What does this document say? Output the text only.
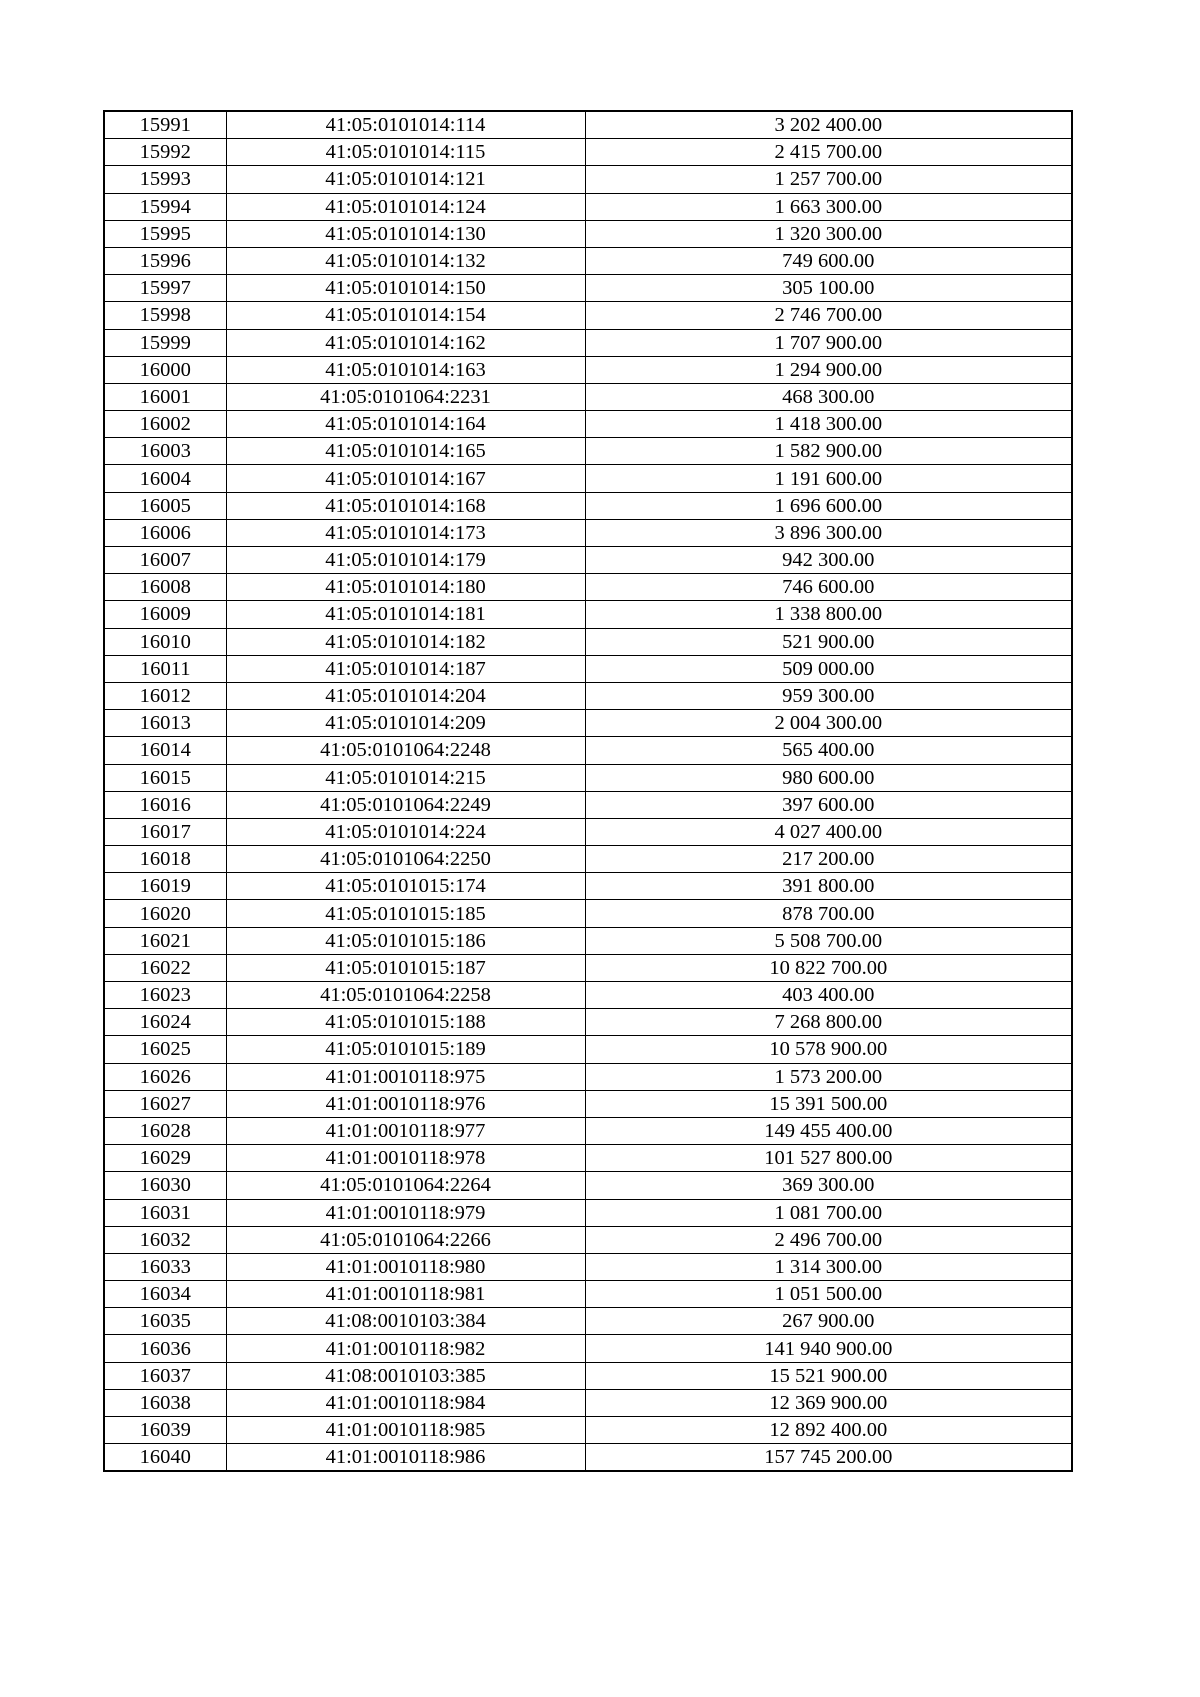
15991	41:05:0101014:114	3 202 400.00
15992	41:05:0101014:115	2 415 700.00
15993	41:05:0101014:121	1 257 700.00
15994	41:05:0101014:124	1 663 300.00
15995	41:05:0101014:130	1 320 300.00
15996	41:05:0101014:132	749 600.00
15997	41:05:0101014:150	305 100.00
15998	41:05:0101014:154	2 746 700.00
15999	41:05:0101014:162	1 707 900.00
16000	41:05:0101014:163	1 294 900.00
16001	41:05:0101064:2231	468 300.00
16002	41:05:0101014:164	1 418 300.00
16003	41:05:0101014:165	1 582 900.00
16004	41:05:0101014:167	1 191 600.00
16005	41:05:0101014:168	1 696 600.00
16006	41:05:0101014:173	3 896 300.00
16007	41:05:0101014:179	942 300.00
16008	41:05:0101014:180	746 600.00
16009	41:05:0101014:181	1 338 800.00
16010	41:05:0101014:182	521 900.00
16011	41:05:0101014:187	509 000.00
16012	41:05:0101014:204	959 300.00
16013	41:05:0101014:209	2 004 300.00
16014	41:05:0101064:2248	565 400.00
16015	41:05:0101014:215	980 600.00
16016	41:05:0101064:2249	397 600.00
16017	41:05:0101014:224	4 027 400.00
16018	41:05:0101064:2250	217 200.00
16019	41:05:0101015:174	391 800.00
16020	41:05:0101015:185	878 700.00
16021	41:05:0101015:186	5 508 700.00
16022	41:05:0101015:187	10 822 700.00
16023	41:05:0101064:2258	403 400.00
16024	41:05:0101015:188	7 268 800.00
16025	41:05:0101015:189	10 578 900.00
16026	41:01:0010118:975	1 573 200.00
16027	41:01:0010118:976	15 391 500.00
16028	41:01:0010118:977	149 455 400.00
16029	41:01:0010118:978	101 527 800.00
16030	41:05:0101064:2264	369 300.00
16031	41:01:0010118:979	1 081 700.00
16032	41:05:0101064:2266	2 496 700.00
16033	41:01:0010118:980	1 314 300.00
16034	41:01:0010118:981	1 051 500.00
16035	41:08:0010103:384	267 900.00
16036	41:01:0010118:982	141 940 900.00
16037	41:08:0010103:385	15 521 900.00
16038	41:01:0010118:984	12 369 900.00
16039	41:01:0010118:985	12 892 400.00
16040	41:01:0010118:986	157 745 200.00
